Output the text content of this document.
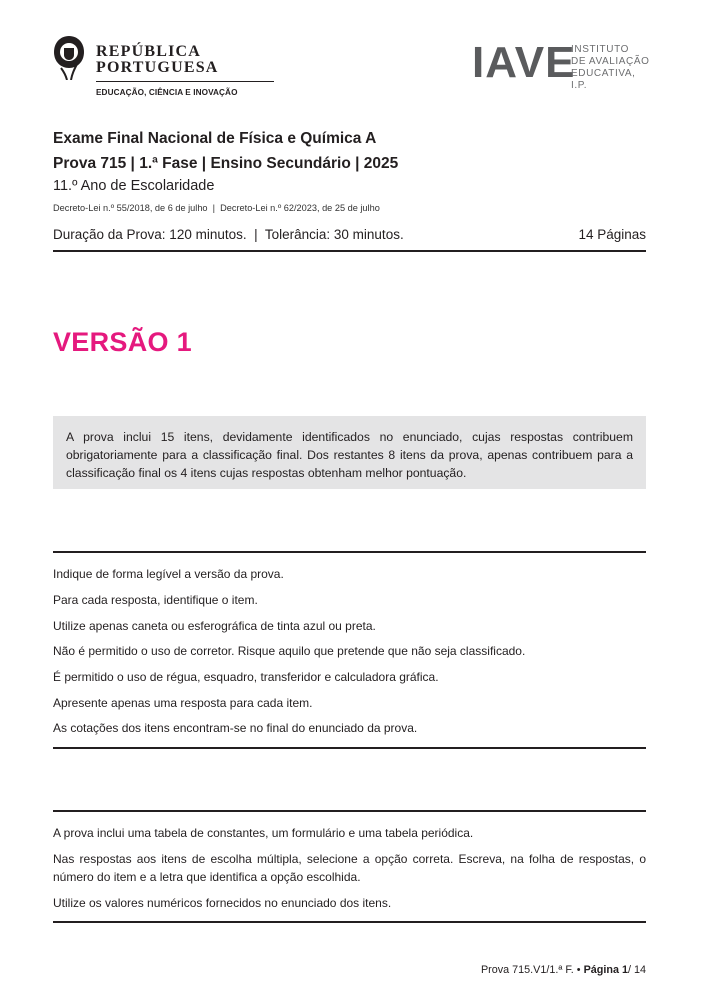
REPÚBLICA
PORTUGUESA
EDUCAÇÃO, CIÊNCIA E INOVAÇÃO
IAVE
INSTITUTO
DE AVALIAÇÃO
EDUCATIVA, I.P.
Exame Final Nacional de Física e Química A
Prova 715 | 1.ª Fase | Ensino Secundário | 2025
11.º Ano de Escolaridade
Decreto-Lei n.º 55/2018, de 6 de julho  |  Decreto-Lei n.º 62/2023, de 25 de julho
Duração da Prova: 120 minutos.  |  Tolerância: 30 minutos.	14 Páginas
VERSÃO 1

A prova inclui 15 itens, devidamente identificados no enunciado, cujas respostas contribuem obrigatoriamente para a classificação final. Dos restantes 8 itens da prova, apenas contribuem para a classificação final os 4 itens cujas respostas obtenham melhor pontuação.

Indique de forma legível a versão da prova.
Para cada resposta, identifique o item.
Utilize apenas caneta ou esferográfica de tinta azul ou preta.
Não é permitido o uso de corretor. Risque aquilo que pretende que não seja classificado.
É permitido o uso de régua, esquadro, transferidor e calculadora gráfica.
Apresente apenas uma resposta para cada item.
As cotações dos itens encontram-se no final do enunciado da prova.

A prova inclui uma tabela de constantes, um formulário e uma tabela periódica.

Nas respostas aos itens de escolha múltipla, selecione a opção correta. Escreva, na folha de respostas, o número do item e a letra que identifica a opção escolhida.

Utilize os valores numéricos fornecidos no enunciado dos itens.

Prova 715.V1/1.ª F. • Página 1/ 14
